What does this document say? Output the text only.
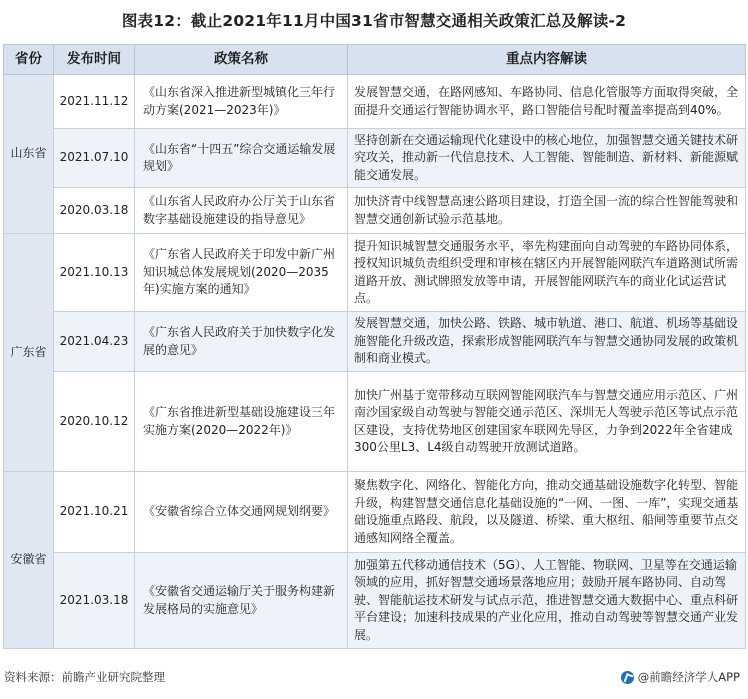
图表12：截止2021年11月中国31省市智慧交通相关政策汇总及解读-2
省份	发布时间	政策名称	重点内容解读
山东省	2021.11.12	《山东省深入推进新型城镇化三年行动方案(2021—2023年)》	发展智慧交通，在路网感知、车路协同、信息化管服等方面取得突破，全面提升交通运行智能协调水平，路口智能信号配时覆盖率提高到40%。
	2021.07.10	《山东省“十四五”综合交通运输发展规划》	坚持创新在交通运输现代化建设中的核心地位，加强智慧交通关键技术研究攻关，推动新一代信息技术、人工智能、智能制造、新材料、新能源赋能交通发展。
	2020.03.18	《山东省人民政府办公厅关于山东省数字基础设施建设的指导意见》	加快济青中线智慧高速公路项目建设，打造全国一流的综合性智能驾驶和智慧交通创新试验示范基地。
广东省	2021.10.13	《广东省人民政府关于印发中新广州知识城总体发展规划(2020—2035年)实施方案的通知》	提升知识城智慧交通服务水平，率先构建面向自动驾驶的车路协同体系，授权知识城负责组织受理和审核在辖区内开展智能网联汽车道路测试所需道路开放、测试牌照发放等申请，开展智能网联汽车的商业化试运营试点。
	2021.04.23	《广东省人民政府关于加快数字化发展的意见》	发展智慧交通，加快公路、铁路、城市轨道、港口、航道、机场等基础设施智能化升级改造，探索形成智能网联汽车与智慧交通协同发展的政策机制和商业模式。
	2020.10.12	《广东省推进新型基础设施建设三年实施方案(2020—2022年)》	加快广州基于宽带移动互联网智能网联汽车与智慧交通应用示范区、广州南沙国家级自动驾驶与智能交通示范区、深圳无人驾驶示范区等试点示范区建设，支持优势地区创建国家车联网先导区，力争到2022年全省建成300公里L3、L4级自动驾驶开放测试道路。
安徽省	2021.10.21	《安徽省综合立体交通网规划纲要》	聚焦数字化、网络化、智能化方向，推动交通基础设施数字化转型、智能升级，构建智慧交通信息化基础设施的“一网、一图、一库”，实现交通基础设施重点路段、航段，以及隧道、桥梁、重大枢纽、船闸等重要节点交通感知网络全覆盖。
	2021.03.18	《安徽省交通运输厅关于服务构建新发展格局的实施意见》	加强第五代移动通信技术（5G）、人工智能、物联网、卫星等在交通运输领域的应用，抓好智慧交通场景落地应用；鼓励开展车路协同、自动驾驶、智能航运技术研发与试点示范，推进智慧交通大数据中心、重点科研平台建设；加速科技成果的产业化应用，推动自动驾驶等智慧交通产业发展。
资料来源：前瞻产业研究院整理	@前瞻经济学人APP
